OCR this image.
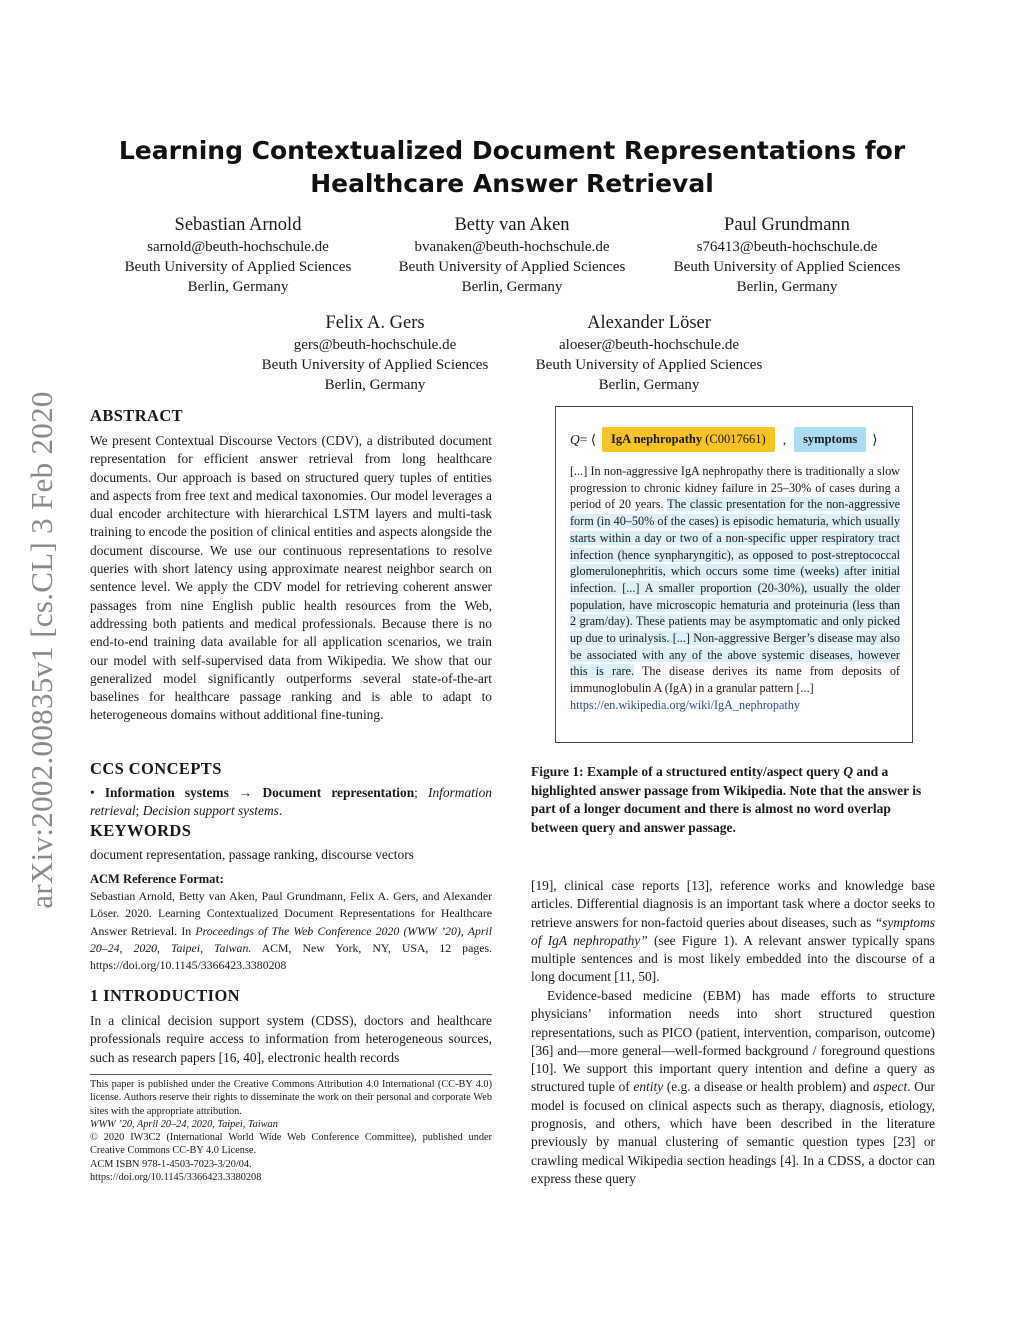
arXiv:2002.00835v1 [cs.CL] 3 Feb 2020
Learning Contextualized Document Representations for
Healthcare Answer Retrieval
Sebastian Arnold
sarnold@beuth-hochschule.de
Beuth University of Applied Sciences
Berlin, Germany
Betty van Aken
bvanaken@beuth-hochschule.de
Beuth University of Applied Sciences
Berlin, Germany
Paul Grundmann
s76413@beuth-hochschule.de
Beuth University of Applied Sciences
Berlin, Germany
Felix A. Gers
gers@beuth-hochschule.de
Beuth University of Applied Sciences
Berlin, Germany
Alexander Löser
aloeser@beuth-hochschule.de
Beuth University of Applied Sciences
Berlin, Germany
ABSTRACT

We present Contextual Discourse Vectors (CDV), a distributed document representation for efficient answer retrieval from long healthcare documents. Our approach is based on structured query tuples of entities and aspects from free text and medical taxonomies. Our model leverages a dual encoder architecture with hierarchical LSTM layers and multi-task training to encode the position of clinical entities and aspects alongside the document discourse. We use our continuous representations to resolve queries with short latency using approximate nearest neighbor search on sentence level. We apply the CDV model for retrieving coherent answer passages from nine English public health resources from the Web, addressing both patients and medical professionals. Because there is no end-to-end training data available for all application scenarios, we train our model with self-supervised data from Wikipedia. We show that our generalized model significantly outperforms several state-of-the-art baselines for healthcare passage ranking and is able to adapt to heterogeneous domains without additional fine-tuning.

CCS CONCEPTS

• Information systems → Document representation; Information retrieval; Decision support systems.

KEYWORDS

document representation, passage ranking, discourse vectors

ACM Reference Format:

Sebastian Arnold, Betty van Aken, Paul Grundmann, Felix A. Gers, and Alexander Löser. 2020. Learning Contextualized Document Representations for Healthcare Answer Retrieval. In Proceedings of The Web Conference 2020 (WWW ’20), April 20–24, 2020, Taipei, Taiwan. ACM, New York, NY, USA, 12 pages. https://doi.org/10.1145/3366423.3380208

1 INTRODUCTION

In a clinical decision support system (CDSS), doctors and healthcare professionals require access to information from heterogeneous sources, such as research papers [16, 40], electronic health records

This paper is published under the Creative Commons Attribution 4.0 International (CC-BY 4.0) license. Authors reserve their rights to disseminate the work on their personal and corporate Web sites with the appropriate attribution.
WWW ’20, April 20–24, 2020, Taipei, Taiwan
© 2020 IW3C2 (International World Wide Web Conference Committee), published under Creative Commons CC-BY 4.0 License.
ACM ISBN 978-1-4503-7023-3/20/04.
https://doi.org/10.1145/3366423.3380208
Q = ⟨	IgA nephropathy (C0017661)	,	symptoms	⟩
[...] In non-aggressive IgA nephropathy there is traditionally a slow progression to chronic kidney failure in 25–30% of cases during a period of 20 years. The classic presentation for the non-aggressive form (in 40–50% of the cases) is episodic hematuria, which usually starts within a day or two of a non-specific upper respiratory tract infection (hence synpharyngitic), as opposed to post-streptococcal glomerulonephritis, which occurs some time (weeks) after initial infection. [...] A smaller proportion (20-30%), usually the older population, have microscopic hematuria and proteinuria (less than 2 gram/day). These patients may be asymptomatic and only picked up due to urinalysis. [...] Non-aggressive Berger’s disease may also be associated with any of the above systemic diseases, however this is rare. The disease derives its name from deposits of immunoglobulin A (IgA) in a granular pattern [...]
https://en.wikipedia.org/wiki/IgA_nephropathy
Figure 1: Example of a structured entity/aspect query Q and a highlighted answer passage from Wikipedia. Note that the answer is part of a longer document and there is almost no word overlap between query and answer passage.

[19], clinical case reports [13], reference works and knowledge base articles. Differential diagnosis is an important task where a doctor seeks to retrieve answers for non-factoid queries about diseases, such as “symptoms of IgA nephropathy” (see Figure 1). A relevant answer typically spans multiple sentences and is most likely embedded into the discourse of a long document [11, 50].

Evidence-based medicine (EBM) has made efforts to structure physicians’ information needs into short structured question representations, such as PICO (patient, intervention, comparison, outcome) [36] and—more general—well-formed background / foreground questions [10]. We support this important query intention and define a query as structured tuple of entity (e.g. a disease or health problem) and aspect. Our model is focused on clinical aspects such as therapy, diagnosis, etiology, prognosis, and others, which have been described in the literature previously by manual clustering of semantic question types [23] or crawling medical Wikipedia section headings [4]. In a CDSS, a doctor can express these query
